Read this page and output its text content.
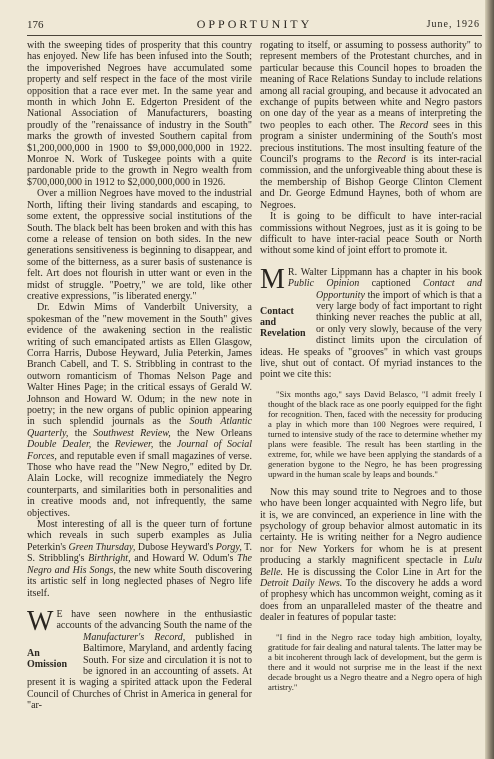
176	OPPORTUNITY	June, 1926

with the sweeping tides of prosperity that this country has enjoyed. New life has been infused into the South; the impoverished Negroes have accumulated some property and self respect in the face of the most virile opposition that a race ever met. In the same year and month in which John E. Edgerton President of the National Association of Manufacturers, boasting proudly of the "renaissance of industry in the South" marks the growth of invested Southern capital from $1,200,000,000 in 1900 to $9,000,000,000 in 1922. Monroe N. Work of Tuskegee points with a quite pardonable pride to the growth in Negro wealth from $700,000,000 in 1912 to $2,000,000,000 in 1926.

Over a million Negroes have moved to the industrial North, lifting their living standards and escaping, to some extent, the oppressive social institutions of the South. The black belt has been broken and with this has come a release of tension on both sides. In the new generations sensitiveness is beginning to disappear, and some of the bitterness, as a surer basis of sustenance is felt. Art does not flourish in utter want or even in the midst of struggle. "Poetry," we are told, like other creative expressions, "is liberated energy."

Dr. Edwin Mims of Vanderbilt University, a spokesman of the "new movement in the South" gives evidence of the awakening section in the realistic writing of such emancipated artists as Ellen Glasgow, Corra Harris, Dubose Heyward, Julia Peterkin, James Branch Cabell, and T. S. Stribbling in contrast to the outworn romanticism of Thomas Nelson Page and Walter Hines Page; in the critical essays of Gerald W. Johnson and Howard W. Odum; in the new note in poetry; in the new organs of public opinion appearing in such splendid journals as the South Atlantic Quarterly, the Southwest Review, the New Orleans Double Dealer, the Reviewer, the Journal of Social Forces, and reputable even if small magazines of verse. Those who have read the "New Negro," edited by Dr. Alain Locke, will recognize immediately the Negro counterparts, and similarities both in personalities and in creative moods and, not infrequently, the same objectives.

Most interesting of all is the queer turn of fortune which reveals in such superb examples as Julia Peterkin's Green Thursday, Dubose Heyward's Porgy, T. S. Stribbling's Birthright, and Howard W. Odum's The Negro and His Songs, the new white South discovering its artistic self in long neglected phases of Negro life itself.

W
An Omission

E have seen nowhere in the enthusiastic accounts of the advancing South the name of the Manufacturer's Record, published in Baltimore, Maryland, and ardently facing South. For size and circulation it is not to be ignored in an accounting of assets. At present it is waging a spirited attack upon the Federal Council of Churches of Christ in America in general for "ar-

rogating to itself, or assuming to possess authority" to represent members of the Protestant churches, and in particular because this Council hopes to broaden the meaning of Race Relations Sunday to include relations among all racial grouping, and because it advocated an exchange of pupits between white and Negro pastors on one day of the year as a means of interpreting the two peoples to each other. The Record sees in this program a sinister undermining of the South's most precious institutions. The most insulting feature of the Council's programs to the Record is its inter-racial commission, and the unforgiveable thing about these is the membership of Bishop George Clinton Clement and Dr. George Edmund Haynes, both of whom are Negroes.

It is going to be difficult to have inter-racial commissions without Negroes, just as it is going to be difficult to have inter-racial peace South or North without some kind of joint effort to promote it.

M
Contact and Revelation

R. Walter Lippmann has a chapter in his book Public Opinion captioned Contact and Opportunity the import of which is that a very large body of fact important to right thinking never reaches the public at all, or only very slowly, because of the very distinct limits upon the circulation of ideas. He speaks of "grooves" in which vast groups live, shut out of contact. Of myriad instances to the point we cite this:

"Six months ago," says David Belasco, "I admit freely I thought of the black race as one poorly equipped for the fight for recognition. Then, faced with the necessity for producing a play in which more than 100 Negroes were required, I turned to intensive study of the race to determine whether my plans were feasible. The result has been startling in the extreme, for, while we have been applying the standards of a generation bygone to the Negro, he has been progressing upward in the human scale by leaps and bounds."

Now this may sound trite to Negroes and to those who have been longer acquainted with Negro life, but it is, we are convinced, an experience in line with the psychology of group behavior almost automatic in its certainty. He is writing neither for a Negro audience nor for New Yorkers for whom he is at present producing a starkly magnificent spectacle in Lulu Belle. He is discussing the Color Line in Art for the Detroit Daily News. To the discovery he adds a word of prophesy which has uncommon weight, coming as it does from an unparalleled master of the theatre and dealer in features of popular taste:

"I find in the Negro race today high ambition, loyalty, gratitude for fair dealing and natural talents. The latter may be a bit incoherent through lack of development, but the germ is there and it would not surprise me in the least if the next decade brought us a Negro theatre and a Negro opera of high artistry."
